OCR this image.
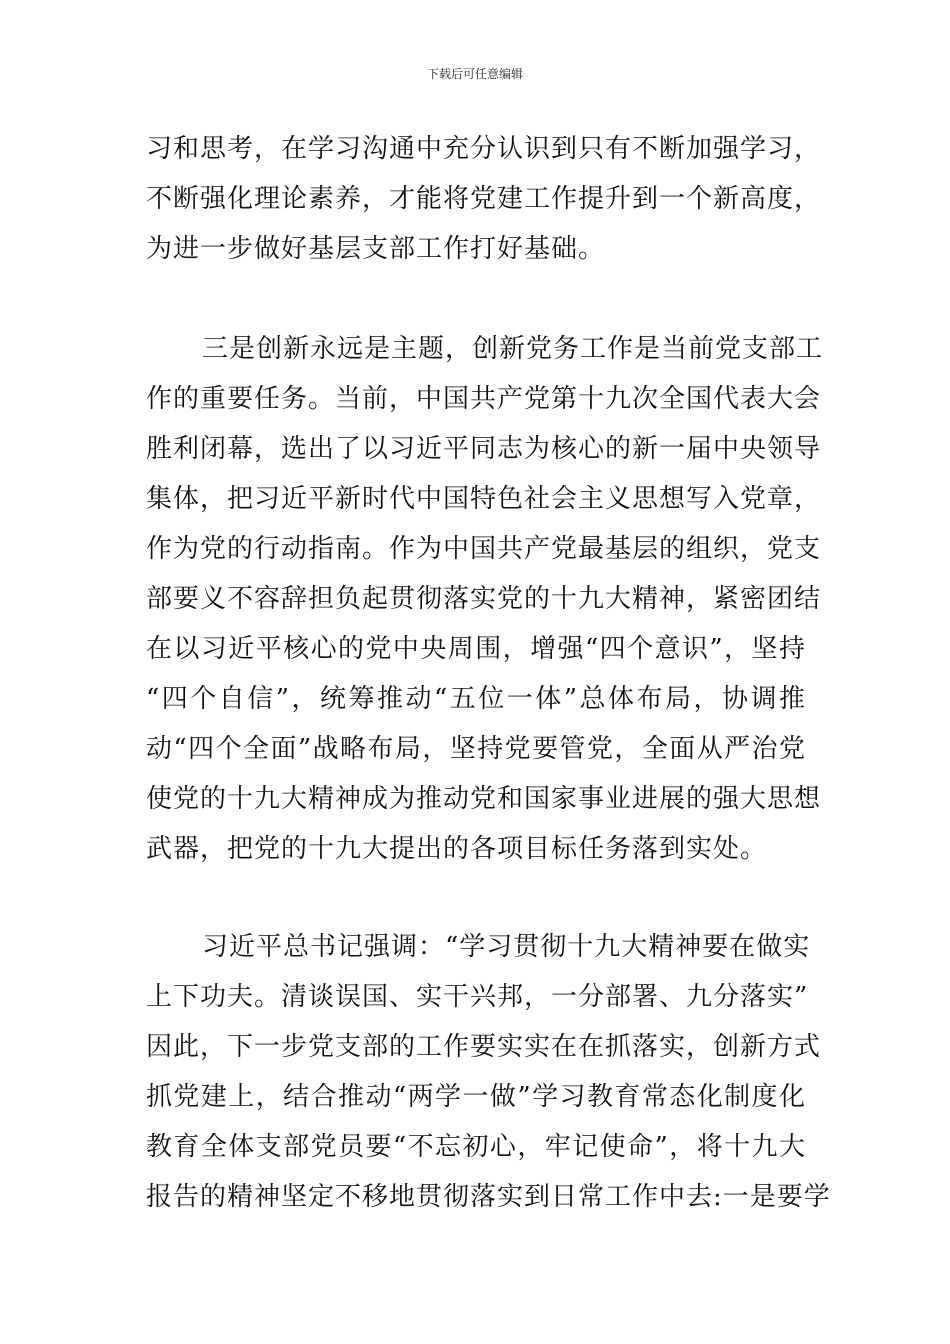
下载后可任意编辑
习和思考，在学习沟通中充分认识到只有不断加强学习，
不断强化理论素养，才能将党建工作提升到一个新高度，
为进一步做好基层支部工作打好基础。
三是创新永远是主题，创新党务工作是当前党支部工
作的重要任务。当前，中国共产党第十九次全国代表大会
胜利闭幕，选出了以习近平同志为核心的新一届中央领导
集体，把习近平新时代中国特色社会主义思想写入党章，
作为党的行动指南。作为中国共产党最基层的组织，党支
部要义不容辞担负起贯彻落实党的十九大精神，紧密团结
在以习近平核心的党中央周围，增强“四个意识”，坚持
“四个自信”，统筹推动“五位一体”总体布局，协调推
动“四个全面”战略布局，坚持党要管党，全面从严治党
使党的十九大精神成为推动党和国家事业进展的强大思想
武器，把党的十九大提出的各项目标任务落到实处。
习近平总书记强调：“学习贯彻十九大精神要在做实
上下功夫。清谈误国、实干兴邦，一分部署、九分落实”
因此，下一步党支部的工作要实实在在抓落实，创新方式
抓党建上，结合推动“两学一做”学习教育常态化制度化
教育全体支部党员要“不忘初心，牢记使命”，将十九大
报告的精神坚定不移地贯彻落实到日常工作中去:一是要学
